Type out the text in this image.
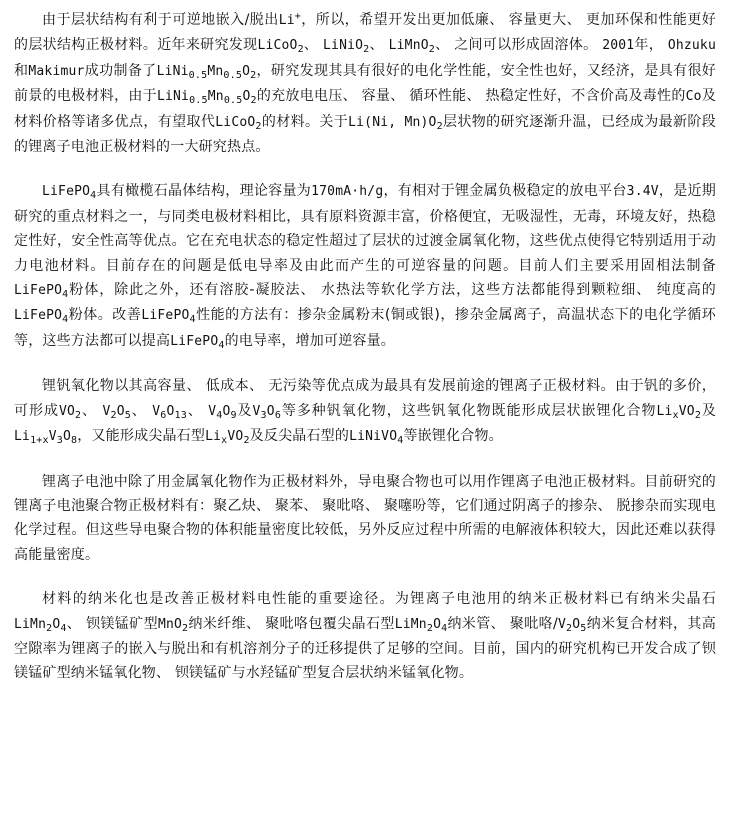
由于层状结构有利于可逆地嵌入/脱出Li+，所以，希望开发出更加低廉、 容量更大、 更加环保和性能更好的层状结构正极材料。近年来研究发现LiCoO$_2$、 LiNiO$_2$、 LiMnO$_2$、 之间可以形成固溶体。 2001年， Ohzuku和Makimur成功制备了$LiNi_{0.5}Mn_{0.5}O_2$，研究发现其具有很好的电化学性能，安全性也好，又经济，是具有很好前景的电极材料，由于$LiNi_{0.5}Mn_{0.5}O_2$的充放电电压、 容量、 循环性能、 热稳定性好，不含价高及毒性的Co及材料价格等诸多优点，有望取代LiCoO$_2$的材料。关于Li(Ni, $Mn)O_2$层状物的研究逐渐升温，已经成为最新阶段的锂离子电池正极材料的一大研究热点。

LiFePO$_4$具有橄榄石晶体结构，理论容量为170mA·h/g，有相对于锂金属负极稳定的放电平台3.4V，是近期研究的重点材料之一，与同类电极材料相比，具有原料资源丰富，价格便宜，无吸湿性，无毒，环境友好，热稳定性好，安全性高等优点。它在充电状态的稳定性超过了层状的过渡金属氧化物，这些优点使得它特别适用于动力电池材料。目前存在的问题是低电导率及由此而产生的可逆容量的问题。目前人们主要采用固相法制备LiFePO$_4$粉体，除此之外，还有溶胶-凝胶法、 水热法等软化学方法，这些方法都能得到颗粒细、 纯度高的LiFePO$_4$粉体。改善LiFePO$_4$性能的方法有：掺杂金属粉末(铜或银)，掺杂金属离子，高温状态下的电化学循环等，这些方法都可以提高LiFePO$_4$的电导率，增加可逆容量。

锂钒氧化物以其高容量、 低成本、 无污染等优点成为最具有发展前途的锂离子正极材料。由于钒的多价，可形成$VO_2$、 $V_2O_5$、 $V_6O_{13}$、 $V_4O_9$及$V_3O_6$等多种钒氧化物，这些钒氧化物既能形成层状嵌锂化合物$Li_xVO_2$及$Li_{1+x}V_3O_8$，又能形成尖晶石型$Li_xVO_2$及反尖晶石型的LiNiVO$_4$等嵌锂化合物。

锂离子电池中除了用金属氧化物作为正极材料外，导电聚合物也可以用作锂离子电池正极材料。目前研究的锂离子电池聚合物正极材料有：聚乙炔、 聚苯、 聚吡咯、 聚噻吩等，它们通过阴离子的掺杂、 脱掺杂而实现电化学过程。但这些导电聚合物的体积能量密度比较低，另外反应过程中所需的电解液体积较大，因此还难以获得高能量密度。

材料的纳米化也是改善正极材料电性能的重要途径。为锂离子电池用的纳米正极材料已有纳米尖晶石$LiMn_2O_4$、 钡镁锰矿型MnO$_2$纳米纤维、 聚吡咯包覆尖晶石型$LiMn_2O_4$纳米管、 聚吡咯$/V_2O_5$纳米复合材料，其高空隙率为锂离子的嵌入与脱出和有机溶剂分子的迁移提供了足够的空间。目前，国内的研究机构已开发合成了钡镁锰矿型纳米锰氧化物、 钡镁锰矿与水羟锰矿型复合层状纳米锰氧化物。
